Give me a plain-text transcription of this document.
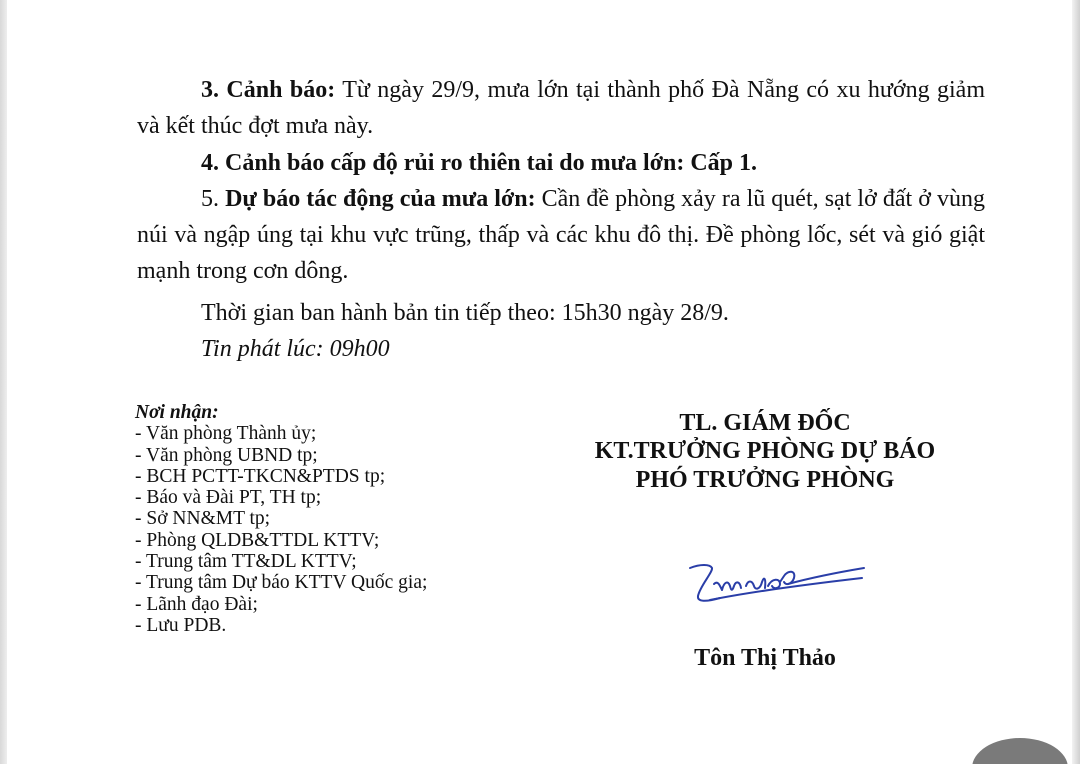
3. Cảnh báo: Từ ngày 29/9, mưa lớn tại thành phố Đà Nẵng có xu hướng giảm và kết thúc đợt mưa này.

4. Cảnh báo cấp độ rủi ro thiên tai do mưa lớn: Cấp 1.

5. Dự báo tác động của mưa lớn: Cần đề phòng xảy ra lũ quét, sạt lở đất ở vùng núi và ngập úng tại khu vực trũng, thấp và các khu đô thị. Đề phòng lốc, sét và gió giật mạnh trong cơn dông.

Thời gian ban hành bản tin tiếp theo: 15h30 ngày 28/9.

Tin phát lúc: 09h00

Nơi nhận:
- Văn phòng Thành ủy;
- Văn phòng UBND tp;
- BCH PCTT-TKCN&PTDS tp;
- Báo và Đài PT, TH tp;
- Sở NN&MT tp;
- Phòng QLDB&TTDL KTTV;
- Trung tâm TT&DL KTTV;
- Trung tâm Dự báo KTTV Quốc gia;
- Lãnh đạo Đài;
- Lưu PDB.
TL. GIÁM ĐỐC
KT.TRƯỞNG PHÒNG DỰ BÁO
PHÓ TRƯỞNG PHÒNG
Tôn Thị Thảo
